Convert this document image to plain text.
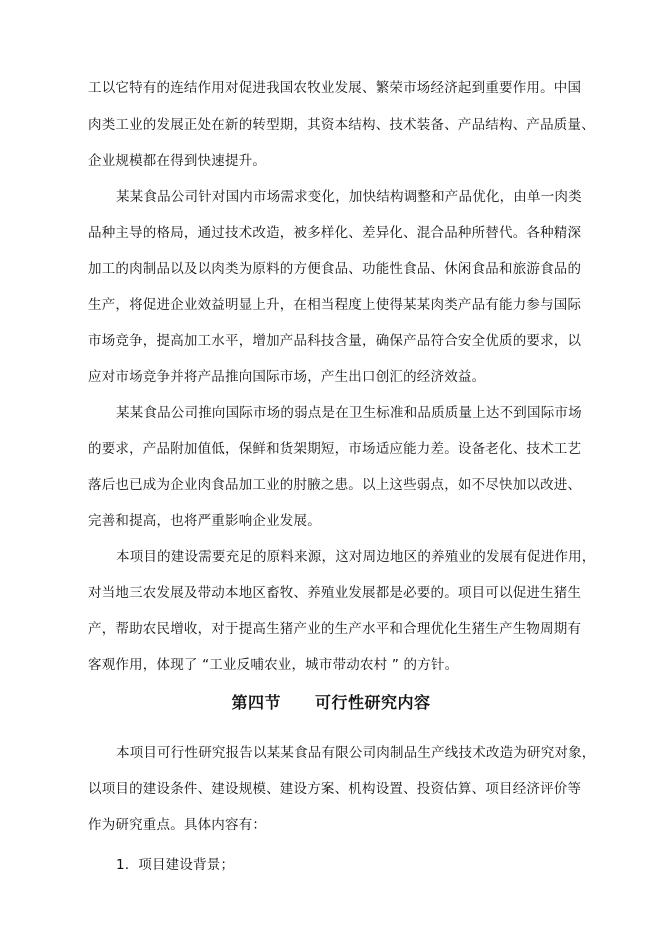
工以它特有的连结作用对促进我国农牧业发展、繁荣市场经济起到重要作用。中国
肉类工业的发展正处在新的转型期，其资本结构、技术装备、产品结构、产品质量、
企业规模都在得到快速提升。
某某食品公司针对国内市场需求变化，加快结构调整和产品优化，由单一肉类
品种主导的格局，通过技术改造，被多样化、差异化、混合品种所替代。各种精深
加工的肉制品以及以肉类为原料的方便食品、功能性食品、休闲食品和旅游食品的
生产，将促进企业效益明显上升，在相当程度上使得某某肉类产品有能力参与国际
市场竞争，提高加工水平，增加产品科技含量，确保产品符合安全优质的要求，以
应对市场竞争并将产品推向国际市场，产生出口创汇的经济效益。
某某食品公司推向国际市场的弱点是在卫生标准和品质质量上达不到国际市场
的要求，产品附加值低，保鲜和货架期短，市场适应能力差。设备老化、技术工艺
落后也已成为企业肉食品加工业的肘腋之患。以上这些弱点，如不尽快加以改进、
完善和提高，也将严重影响企业发展。
本项目的建设需要充足的原料来源，这对周边地区的养殖业的发展有促进作用，
对当地三农发展及带动本地区畜牧、养殖业发展都是必要的。项目可以促进生猪生
产，帮助农民增收，对于提高生猪产业的生产水平和合理优化生猪生产生物周期有
客观作用，体现了 “工业反哺农业，城市带动农村 ” 的方针。
第四节 可行性研究内容
本项目可行性研究报告以某某食品有限公司肉制品生产线技术改造为研究对象，
以项目的建设条件、建设规模、建设方案、机构设置、投资估算、项目经济评价等
作为研究重点。具体内容有：
1. 项目建设背景；
